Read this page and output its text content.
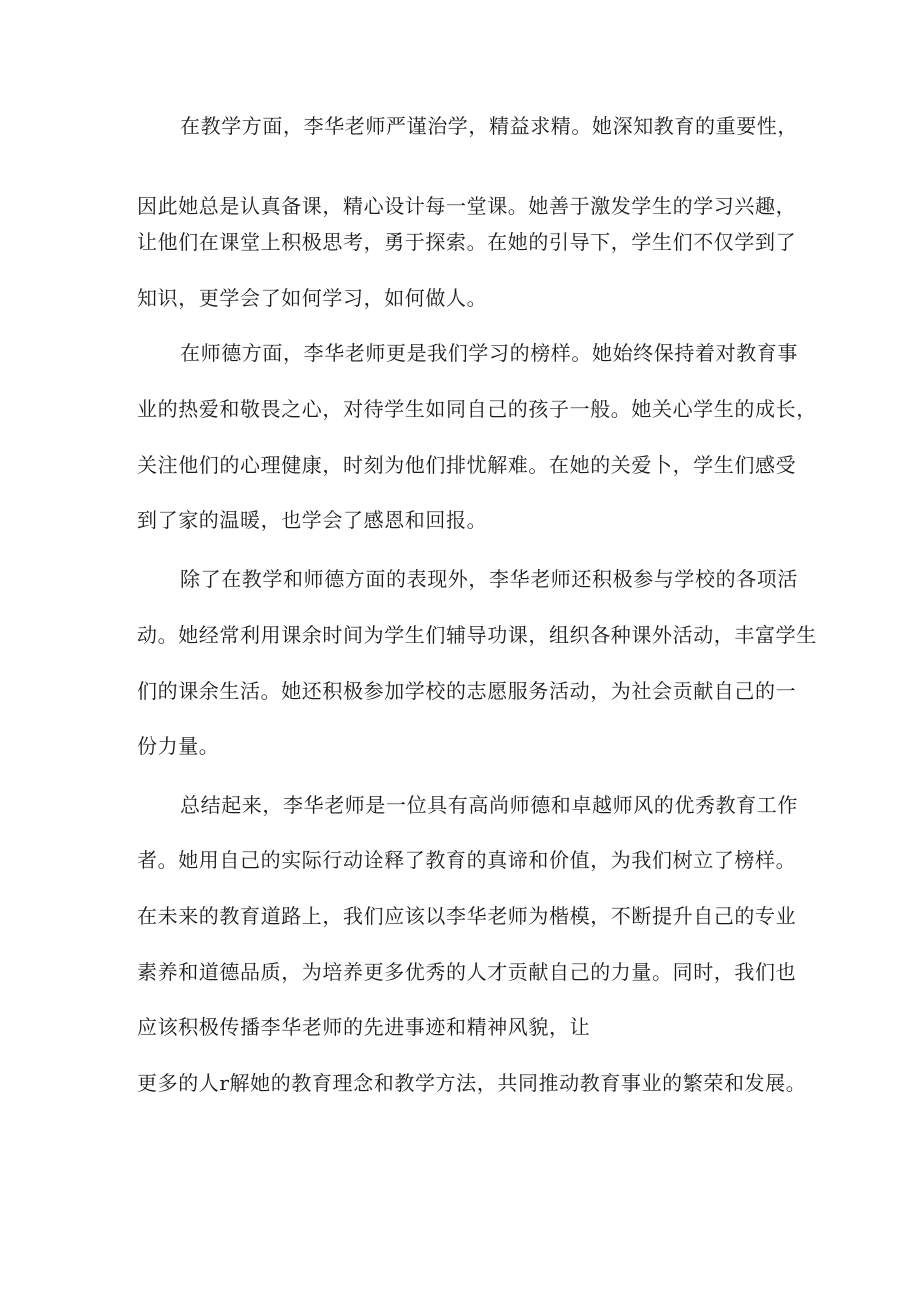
在教学方面，李华老师严谨治学，精益求精。她深知教育的重要性，
因此她总是认真备课，精心设计每一堂课。她善于激发学生的学习兴趣，
让他们在课堂上积极思考，勇于探索。在她的引导下，学生们不仅学到了
知识，更学会了如何学习，如何做人。
在师德方面，李华老师更是我们学习的榜样。她始终保持着对教育事
业的热爱和敬畏之心，对待学生如同自己的孩子一般。她关心学生的成长，
关注他们的心理健康，时刻为他们排忧解难。在她的关爱卜，学生们感受
到了家的温暖，也学会了感恩和回报。
除了在教学和师德方面的表现外，李华老师还积极参与学校的各项活
动。她经常利用课余时间为学生们辅导功课，组织各种课外活动，丰富学生
们的课余生活。她还积极参加学校的志愿服务活动，为社会贡献自己的一
份力量。
总结起来，李华老师是一位具有高尚师德和卓越师风的优秀教育工作
者。她用自己的实际行动诠释了教育的真谛和价值，为我们树立了榜样。
在未来的教育道路上，我们应该以李华老师为楷模，不断提升自己的专业
素养和道德品质，为培养更多优秀的人才贡献自己的力量。同时，我们也
应该积极传播李华老师的先进事迹和精神风貌，让
更多的人r解她的教育理念和教学方法，共同推动教育事业的繁荣和发展。
